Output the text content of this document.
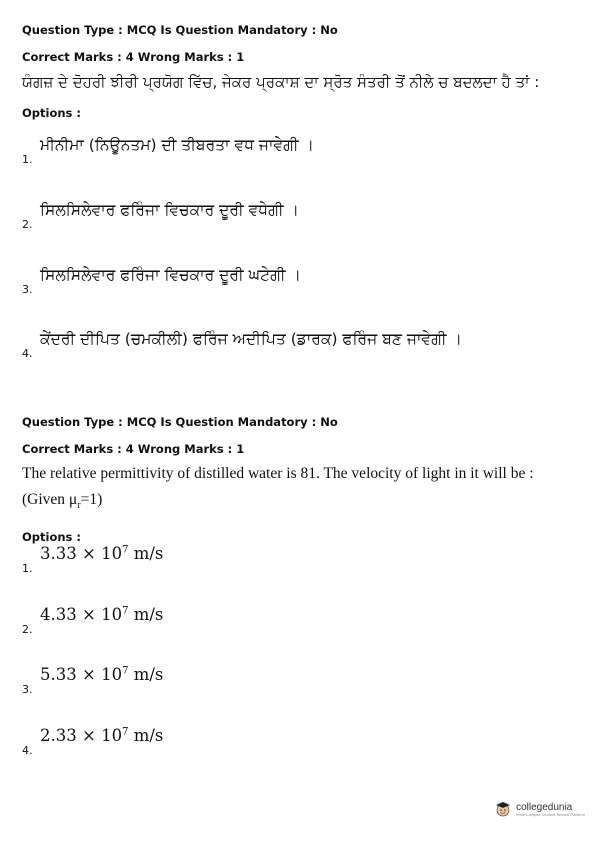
Question Type : MCQ Is Question Mandatory : No

Correct Marks : 4 Wrong Marks : 1

ਯੰਗਜ਼ ਦੇ ਦੋਹਰੀ ਝੀਰੀ ਪ੍ਰਯੋਗ ਵਿੱਚ, ਜੇਕਰ ਪ੍ਰਕਾਸ਼ ਦਾ ਸ੍ਰੋਤ ਸੰਤਰੀ ਤੋਂ ਨੀਲੇ ਚ ਬਦਲਦਾ ਹੈ ਤਾਂ :
Options :
1.
ਮੀਨੀਮਾ (ਨਿਊਨਤਮ) ਦੀ ਤੀਬਰਤਾ ਵਧ ਜਾਵੇਗੀ ।
2.
ਸਿਲਸਿਲੇਵਾਰ ਫਰਿੰਜਾ ਵਿਚਕਾਰ ਦੂਰੀ ਵਧੇਗੀ ।
3.
ਸਿਲਸਿਲੇਵਾਰ ਫਰਿੰਜਾ ਵਿਚਕਾਰ ਦੂਰੀ ਘਟੇਗੀ ।
4.
ਕੇਂਦਰੀ ਦੀਪਿਤ (ਚਮਕੀਲੀ) ਫਰਿੰਜ ਅਦੀਪਿਤ (ਡਾਰਕ) ਫਰਿੰਜ ਬਣ ਜਾਵੇਗੀ ।

Question Type : MCQ Is Question Mandatory : No

Correct Marks : 4 Wrong Marks : 1

The relative permittivity of distilled water is 81. The velocity of light in it will be :
(Given $\mu_r=1$)
Options :
1.
$3.33 \times 10^7$ m/s
2.
$4.33 \times 10^7$ m/s
3.
$5.33 \times 10^7$ m/s
4.
$2.33 \times 10^7$ m/s
collegedunia
India's largest Student Review Platform
